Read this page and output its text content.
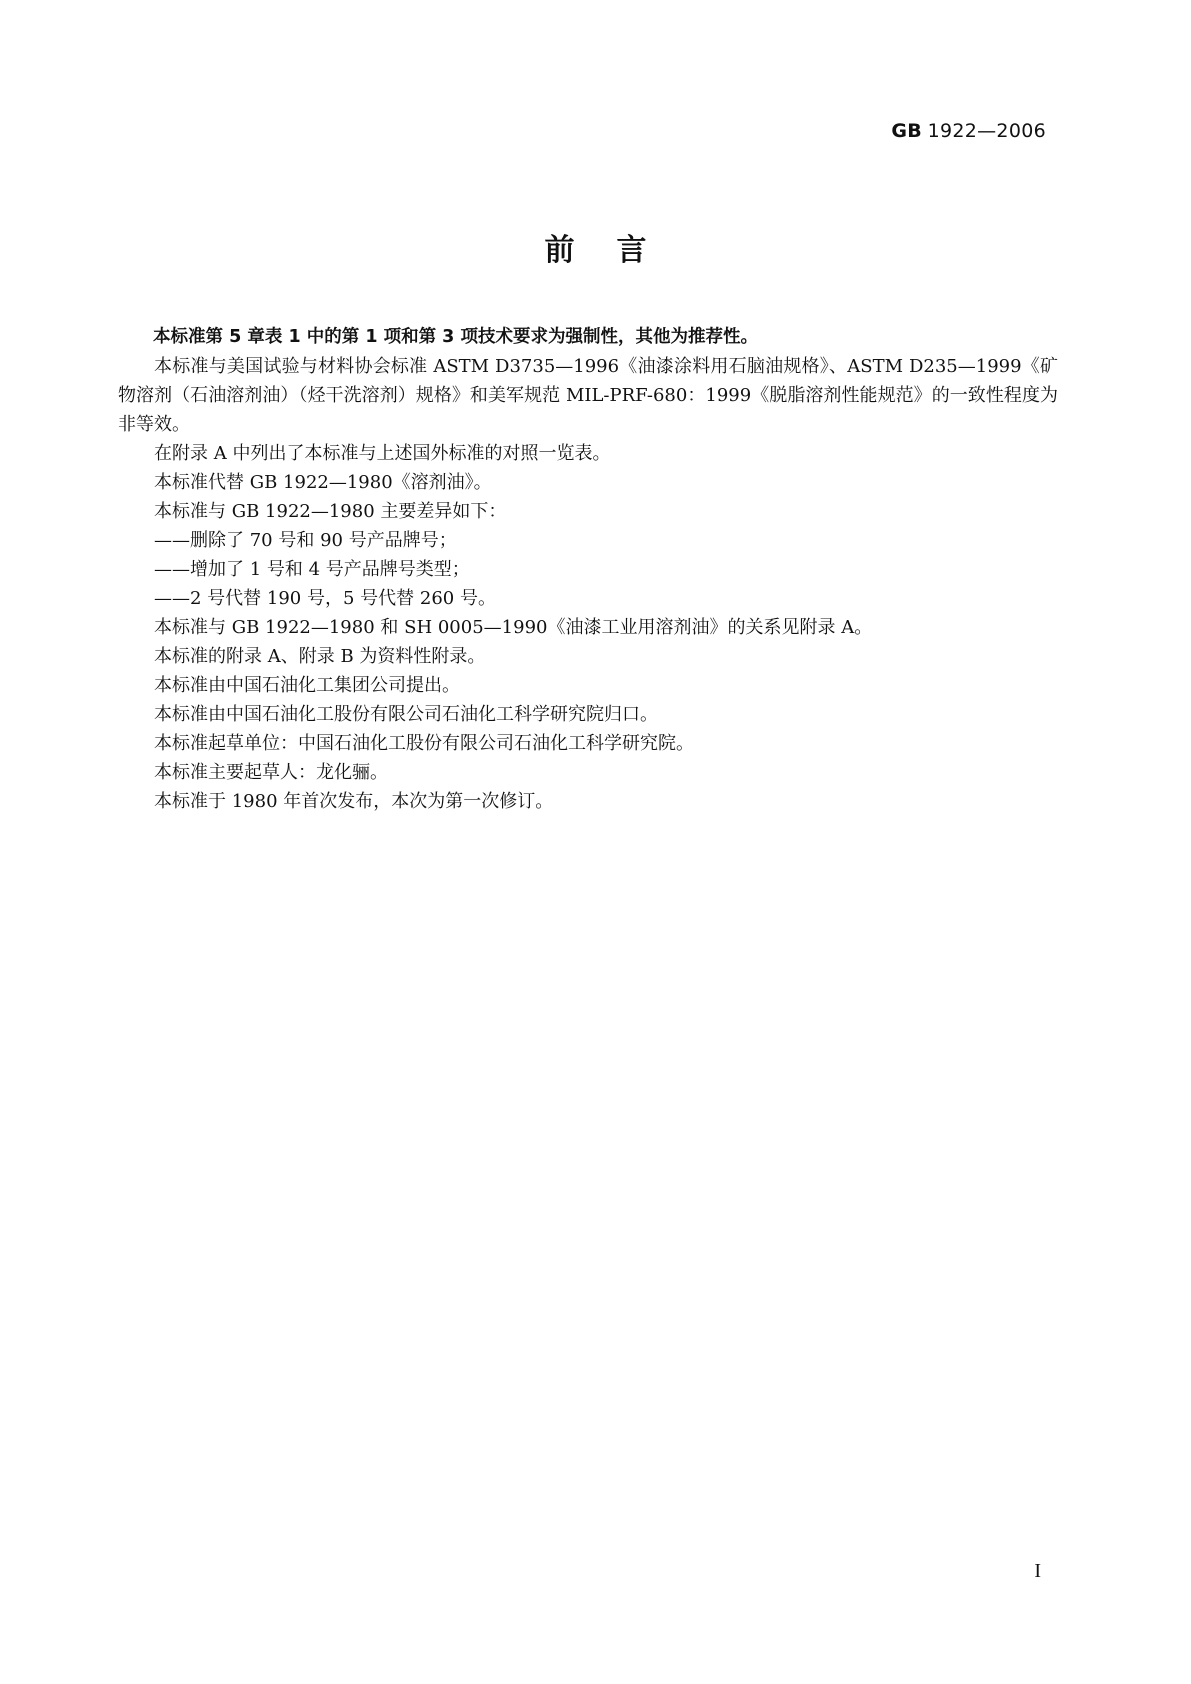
GB 1922—2006
前言

本标准第 5 章表 1 中的第 1 项和第 3 项技术要求为强制性，其他为推荐性。

本标准与美国试验与材料协会标准 ASTM D3735—1996《油漆涂料用石脑油规格》、ASTM D235—1999《矿物溶剂（石油溶剂油）（烃干洗溶剂）规格》和美军规范 MIL-PRF-680：1999《脱脂溶剂性能规范》的一致性程度为非等效。

在附录 A 中列出了本标准与上述国外标准的对照一览表。

本标准代替 GB 1922—1980《溶剂油》。

本标准与 GB 1922—1980 主要差异如下：

——删除了 70 号和 90 号产品牌号；

——增加了 1 号和 4 号产品牌号类型；

——2 号代替 190 号，5 号代替 260 号。

本标准与 GB 1922—1980 和 SH 0005—1990《油漆工业用溶剂油》的关系见附录 A。

本标准的附录 A、附录 B 为资料性附录。

本标准由中国石油化工集团公司提出。

本标准由中国石油化工股份有限公司石油化工科学研究院归口。

本标准起草单位：中国石油化工股份有限公司石油化工科学研究院。

本标准主要起草人：龙化骊。

本标准于 1980 年首次发布，本次为第一次修订。

I
